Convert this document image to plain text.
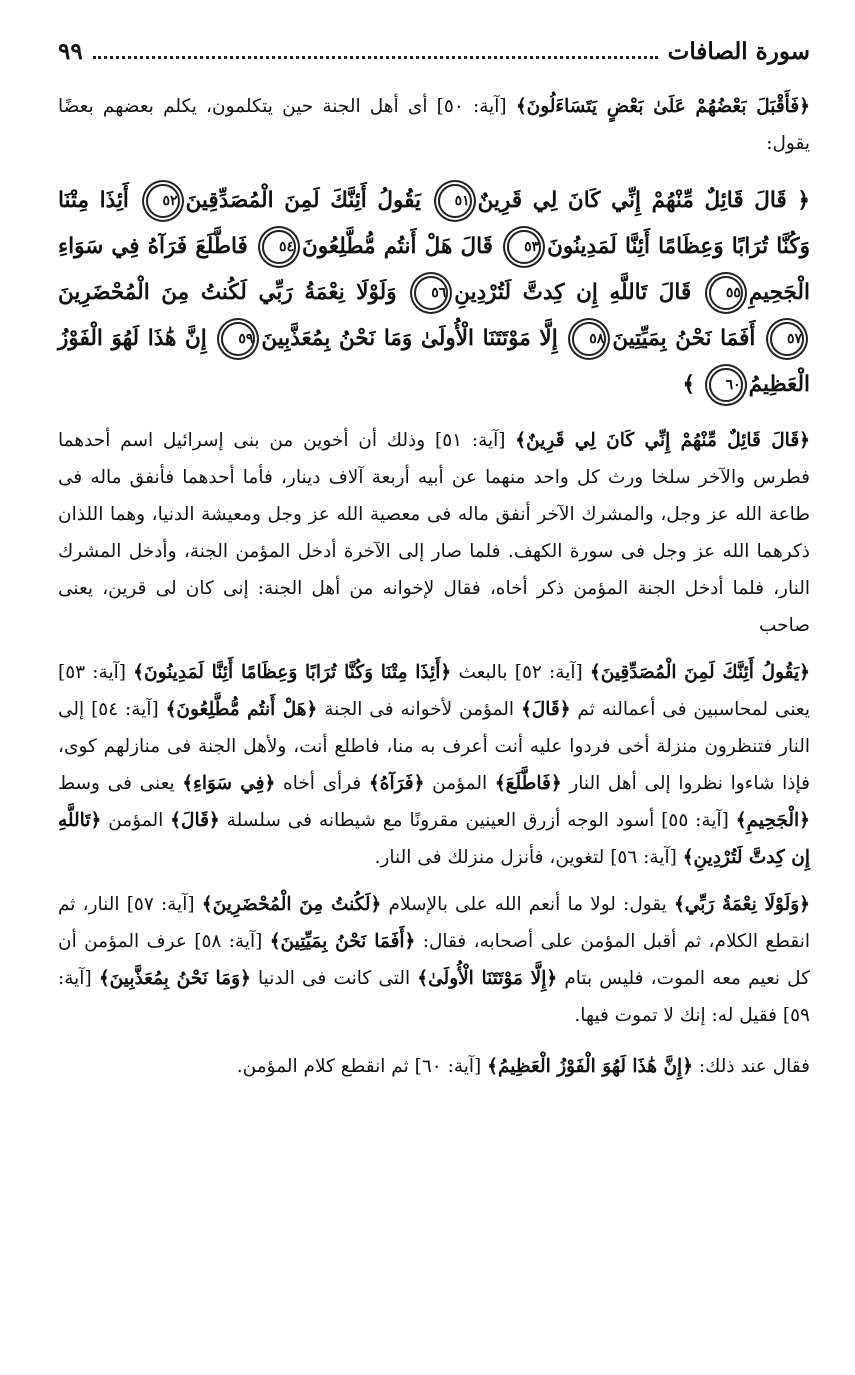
سورة الصافات
٩٩

﴿فَأَقْبَلَ بَعْضُهُمْ عَلَىٰ بَعْضٍ يَتَسَاءَلُونَ﴾ [آية: ٥٠] أى أهل الجنة حين يتكلمون، يكلم بعضهم بعضًا يقول:

﴿ قَالَ قَائِلٌ مِّنْهُمْ إِنِّي كَانَ لِي قَرِينٌ٥١ يَقُولُ أَئِنَّكَ لَمِنَ الْمُصَدِّقِينَ٥٢ أَئِذَا مِتْنَا وَكُنَّا تُرَابًا وَعِظَامًا أَئِنَّا لَمَدِينُونَ٥٣ قَالَ هَلْ أَنتُم مُّطَّلِعُونَ٥٤ فَاطَّلَعَ فَرَآهُ فِي سَوَاءِ الْجَحِيمِ٥٥ قَالَ تَاللَّهِ إِن كِدتَّ لَتُرْدِينِ٥٦ وَلَوْلَا نِعْمَةُ رَبِّي لَكُنتُ مِنَ الْمُحْضَرِينَ٥٧ أَفَمَا نَحْنُ بِمَيِّتِينَ٥٨ إِلَّا مَوْتَتَنَا الْأُولَىٰ وَمَا نَحْنُ بِمُعَذَّبِينَ٥٩ إِنَّ هَٰذَا لَهُوَ الْفَوْزُ الْعَظِيمُ٦٠ ﴾

﴿قَالَ قَائِلٌ مِّنْهُمْ إِنِّي كَانَ لِي قَرِينٌ﴾ [آية: ٥١] وذلك أن أخوين من بنى إسرائيل اسم أحدهما فطرس والآخر سلخا ورث كل واحد منهما عن أبيه أربعة آلاف دينار، فأما أحدهما فأنفق ماله فى طاعة الله عز وجل، والمشرك الآخر أنفق ماله فى معصية الله عز وجل ومعيشة الدنيا، وهما اللذان ذكرهما الله عز وجل فى سورة الكهف. فلما صار إلى الآخرة أدخل المؤمن الجنة، وأدخل المشرك النار، فلما أدخل الجنة المؤمن ذكر أخاه، فقال لإخوانه من أهل الجنة: إنى كان لى قرين، يعنى صاحب

﴿يَقُولُ أَئِنَّكَ لَمِنَ الْمُصَدِّقِينَ﴾ [آية: ٥٢] بالبعث ﴿أَئِذَا مِتْنَا وَكُنَّا تُرَابًا وَعِظَامًا أَئِنَّا لَمَدِينُونَ﴾ [آية: ٥٣] يعنى لمحاسبين فى أعمالنه ثم ﴿قَالَ﴾ المؤمن لأخوانه فى الجنة ﴿هَلْ أَنتُم مُّطَّلِعُونَ﴾ [آية: ٥٤] إلى النار فتنظرون منزلة أخى فردوا عليه أنت أعرف به منا، فاطلع أنت، ولأهل الجنة فى منازلهم كوى، فإذا شاءوا نظروا إلى أهل النار ﴿فَاطَّلَعَ﴾ المؤمن ﴿فَرَآهُ﴾ فرأى أخاه ﴿فِي سَوَاءِ﴾ يعنى فى وسط ﴿الْجَحِيمِ﴾ [آية: ٥٥] أسود الوجه أزرق العينين مقرونًا مع شيطانه فى سلسلة ﴿قَالَ﴾ المؤمن ﴿تَاللَّهِ إِن كِدتَّ لَتُرْدِينِ﴾ [آية: ٥٦] لتغوين، فأنزل منزلك فى النار.

﴿وَلَوْلَا نِعْمَةُ رَبِّي﴾ يقول: لولا ما أنعم الله على بالإسلام ﴿لَكُنتُ مِنَ الْمُحْضَرِينَ﴾ [آية: ٥٧] النار، ثم انقطع الكلام، ثم أقبل المؤمن على أصحابه، فقال: ﴿أَفَمَا نَحْنُ بِمَيِّتِينَ﴾ [آية: ٥٨] عرف المؤمن أن كل نعيم معه الموت، فليس بتام ﴿إِلَّا مَوْتَتَنَا الْأُولَىٰ﴾ التى كانت فى الدنيا ﴿وَمَا نَحْنُ بِمُعَذَّبِينَ﴾ [آية: ٥٩] فقيل له: إنك لا تموت فيها.

فقال عند ذلك: ﴿إِنَّ هَٰذَا لَهُوَ الْفَوْزُ الْعَظِيمُ﴾ [آية: ٦٠] ثم انقطع كلام المؤمن.
